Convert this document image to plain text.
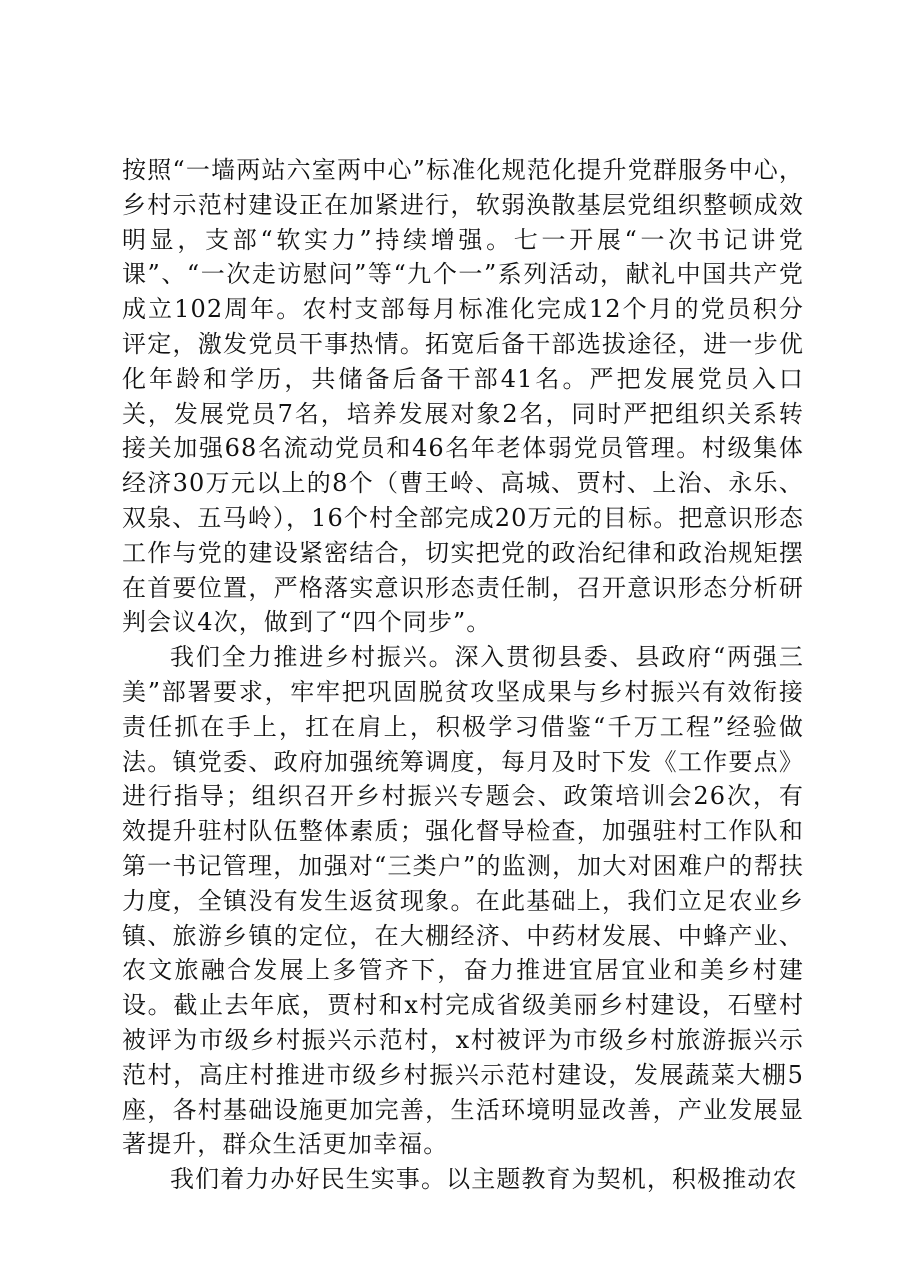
按照“一墙两站六室两中心”标准化规范化提升党群服务中心，乡村示范村建设正在加紧进行，软弱涣散基层党组织整顿成效明显，支部“软实力”持续增强。七一开展“一次书记讲党课”、“一次走访慰问”等“九个一”系列活动，献礼中国共产党成立102周年。农村支部每月标准化完成12个月的党员积分评定，激发党员干事热情。拓宽后备干部选拔途径，进一步优化年龄和学历，共储备后备干部41名。严把发展党员入口关，发展党员7名，培养发展对象2名，同时严把组织关系转接关加强68名流动党员和46名年老体弱党员管理。村级集体经济30万元以上的8个（曹王岭、高城、贾村、上治、永乐、双泉、五马岭），16个村全部完成20万元的目标。把意识形态工作与党的建设紧密结合，切实把党的政治纪律和政治规矩摆在首要位置，严格落实意识形态责任制，召开意识形态分析研判会议4次，做到了“四个同步”。

我们全力推进乡村振兴。深入贯彻县委、县政府“两强三美”部署要求，牢牢把巩固脱贫攻坚成果与乡村振兴有效衔接责任抓在手上，扛在肩上，积极学习借鉴“千万工程”经验做法。镇党委、政府加强统筹调度，每月及时下发《工作要点》进行指导；组织召开乡村振兴专题会、政策培训会26次，有效提升驻村队伍整体素质；强化督导检查，加强驻村工作队和第一书记管理，加强对“三类户”的监测，加大对困难户的帮扶力度，全镇没有发生返贫现象。在此基础上，我们立足农业乡镇、旅游乡镇的定位，在大棚经济、中药材发展、中蜂产业、农文旅融合发展上多管齐下，奋力推进宜居宜业和美乡村建设。截止去年底，贾村和x村完成省级美丽乡村建设，石壁村被评为市级乡村振兴示范村，x村被评为市级乡村旅游振兴示范村，高庄村推进市级乡村振兴示范村建设，发展蔬菜大棚5座，各村基础设施更加完善，生活环境明显改善，产业发展显著提升，群众生活更加幸福。

我们着力办好民生实事。以主题教育为契机，积极推动农
